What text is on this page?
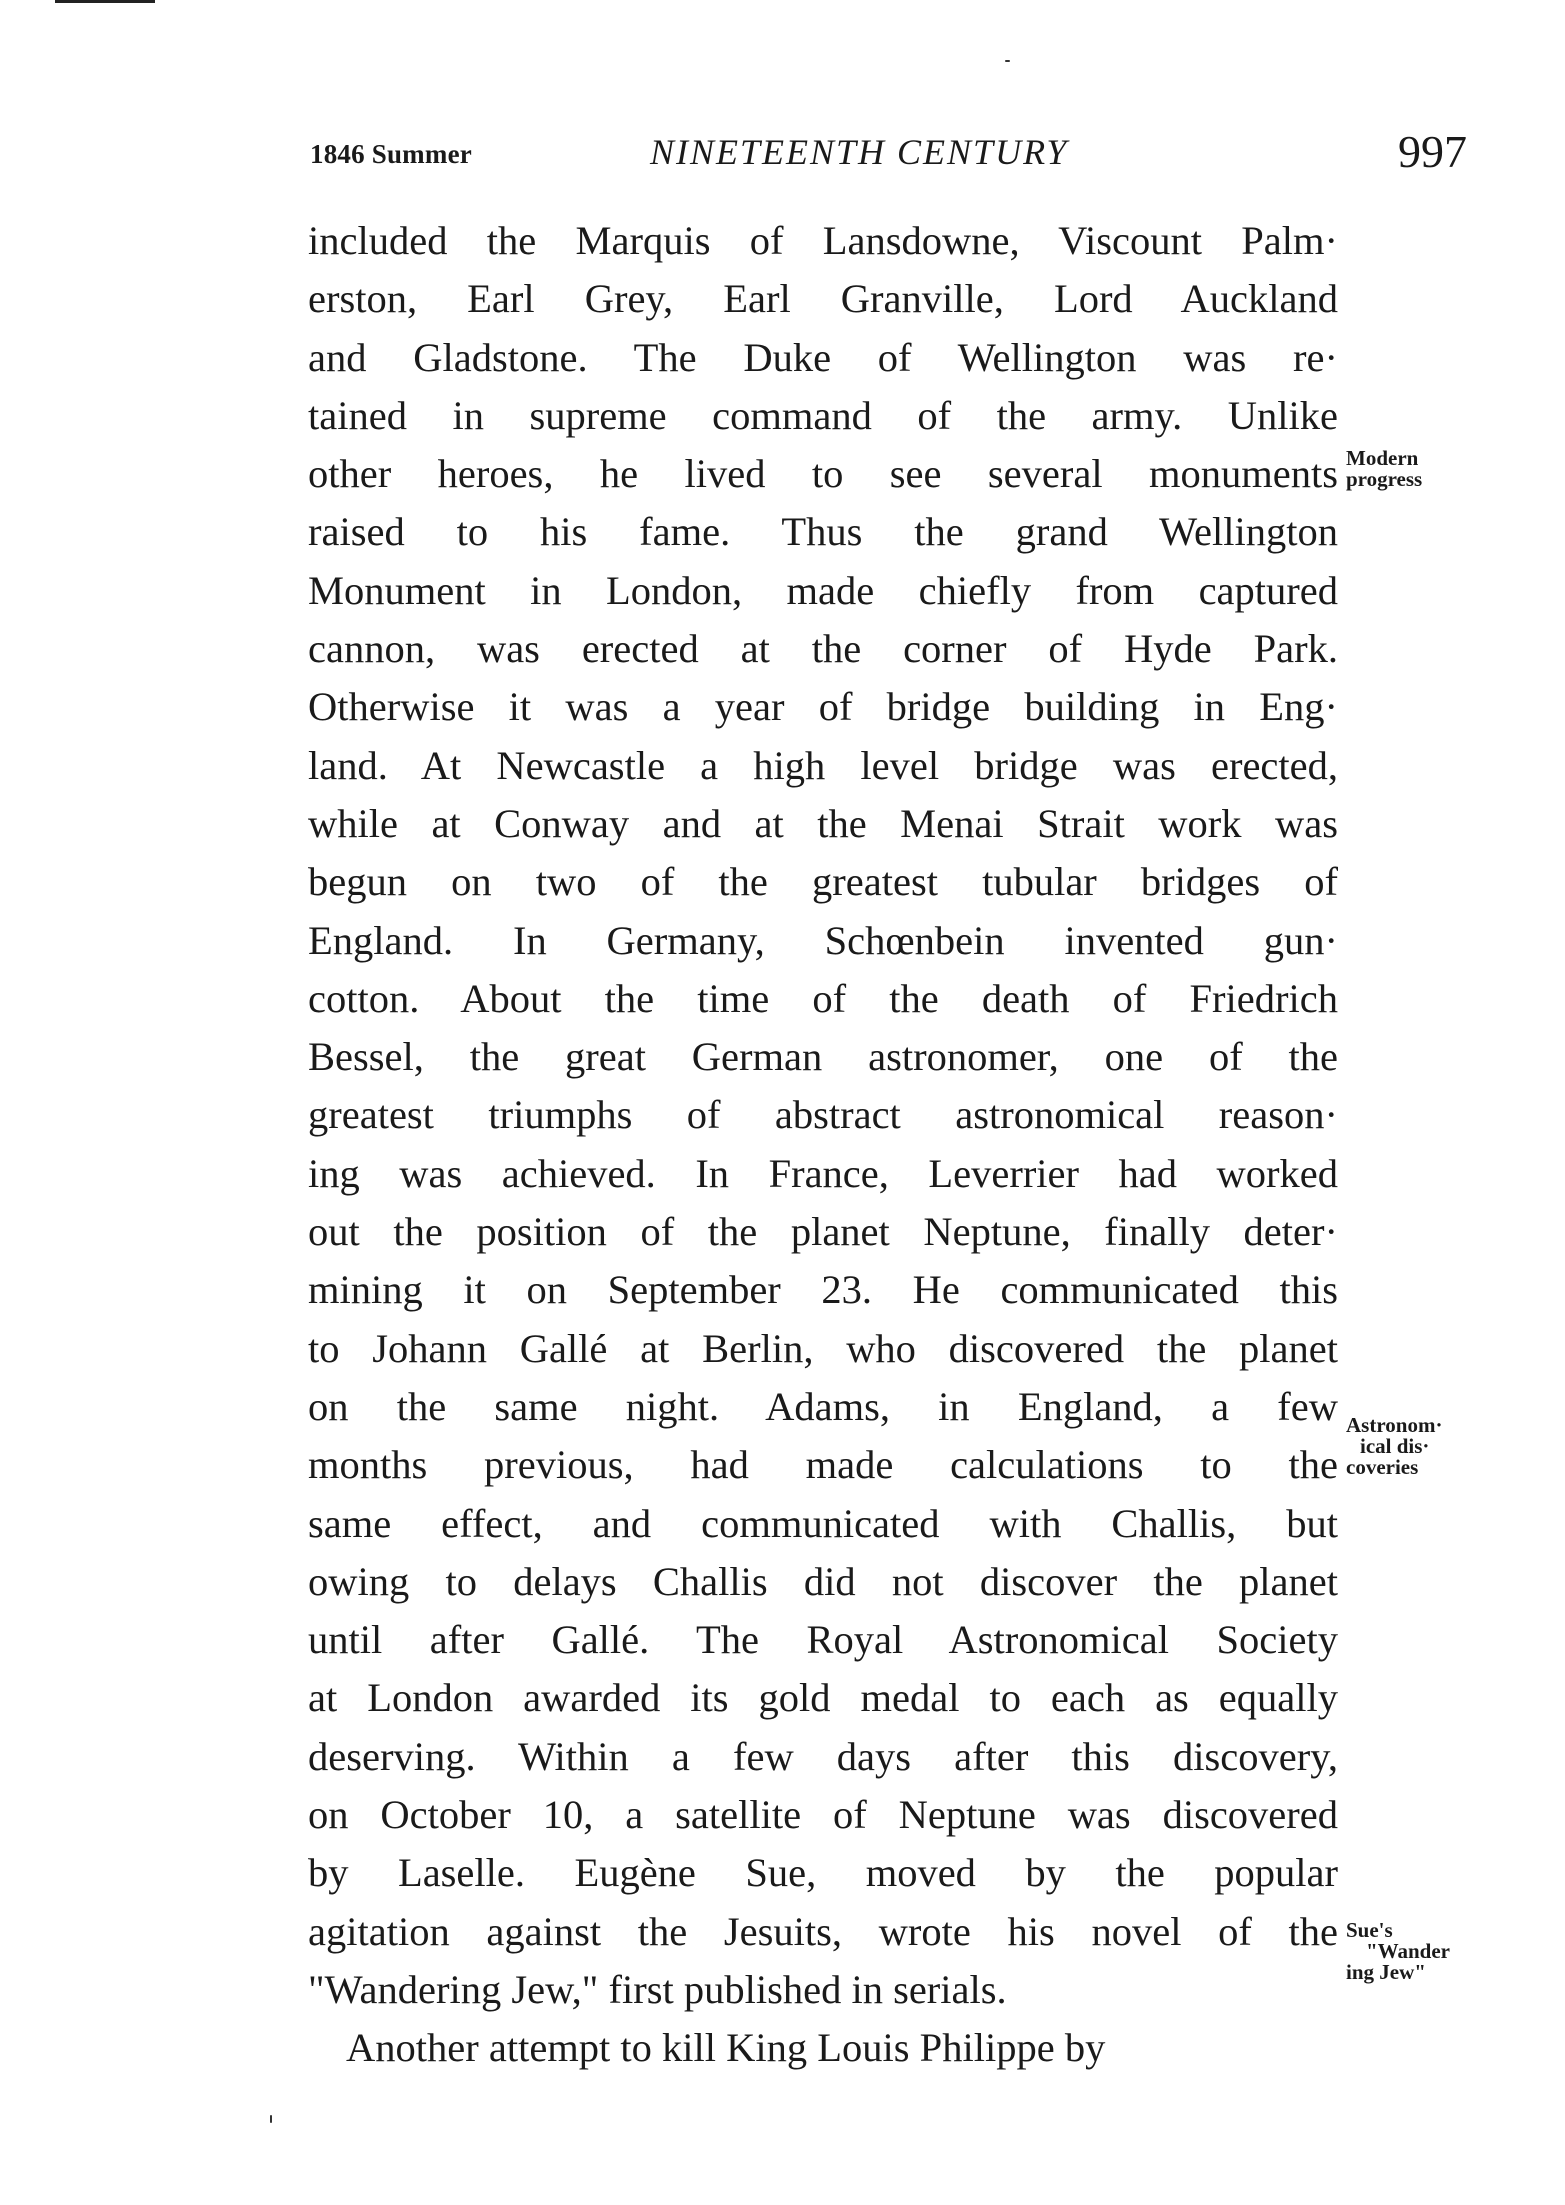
1846 Summer	NINETEENTH CENTURY	997
included the Marquis of Lansdowne, Viscount Palm·
erston, Earl Grey, Earl Granville, Lord Auckland
and Gladstone. The Duke of Wellington was re·
tained in supreme command of the army. Unlike
other heroes, he lived to see several monuments
raised to his fame. Thus the grand Wellington
Monument in London, made chiefly from captured
cannon, was erected at the corner of Hyde Park.
Otherwise it was a year of bridge building in Eng·
land. At Newcastle a high level bridge was erected,
while at Conway and at the Menai Strait work was
begun on two of the greatest tubular bridges of
England. In Germany, Schœnbein invented gun·
cotton. About the time of the death of Friedrich
Bessel, the great German astronomer, one of the
greatest triumphs of abstract astronomical reason·
ing was achieved. In France, Leverrier had worked
out the position of the planet Neptune, finally deter·
mining it on September 23. He communicated this
to Johann Gallé at Berlin, who discovered the planet
on the same night. Adams, in England, a few
months previous, had made calculations to the
same effect, and communicated with Challis, but
owing to delays Challis did not discover the planet
until after Gallé. The Royal Astronomical Society
at London awarded its gold medal to each as equally
deserving. Within a few days after this discovery,
on October 10, a satellite of Neptune was discovered
by Laselle. Eugène Sue, moved by the popular
agitation against the Jesuits, wrote his novel of the
"Wandering Jew," first published in serials.
Another attempt to kill King Louis Philippe by
Modern
progress
Astronom·
ical dis·
coveries
Sue's
"Wander
ing Jew"
